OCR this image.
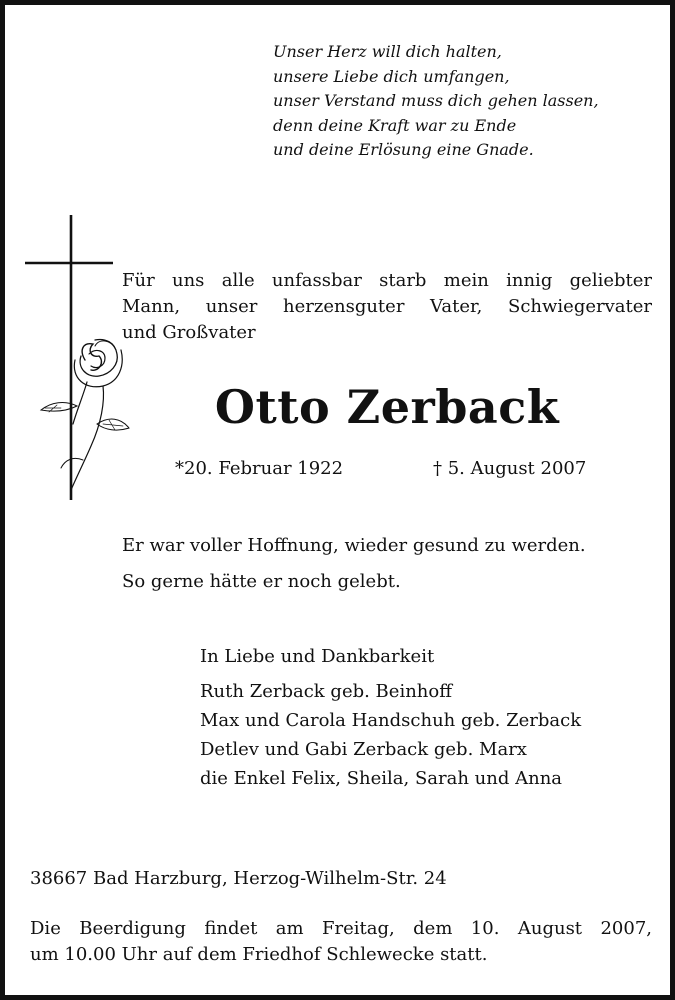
Unser Herz will dich halten,
unsere Liebe dich umfangen,
unser Verstand muss dich gehen lassen,
denn deine Kraft war zu Ende
und deine Erlösung eine Gnade.
Für uns alle unfassbar starb mein innig geliebter
Mann, unser herzensguter Vater, Schwiegervater
und Großvater
Otto Zerback
*20. Februar 1922	† 5. August 2007
Er war voller Hoffnung, wieder gesund zu werden.
So gerne hätte er noch gelebt.
In Liebe und Dankbarkeit
Ruth Zerback geb. Beinhoff
Max und Carola Handschuh geb. Zerback
Detlev und Gabi Zerback geb. Marx
die Enkel Felix, Sheila, Sarah und Anna
38667 Bad Harzburg, Herzog-Wilhelm-Str. 24
Die Beerdigung findet am Freitag, dem 10. August 2007,
um 10.00 Uhr auf dem Friedhof Schlewecke statt.
